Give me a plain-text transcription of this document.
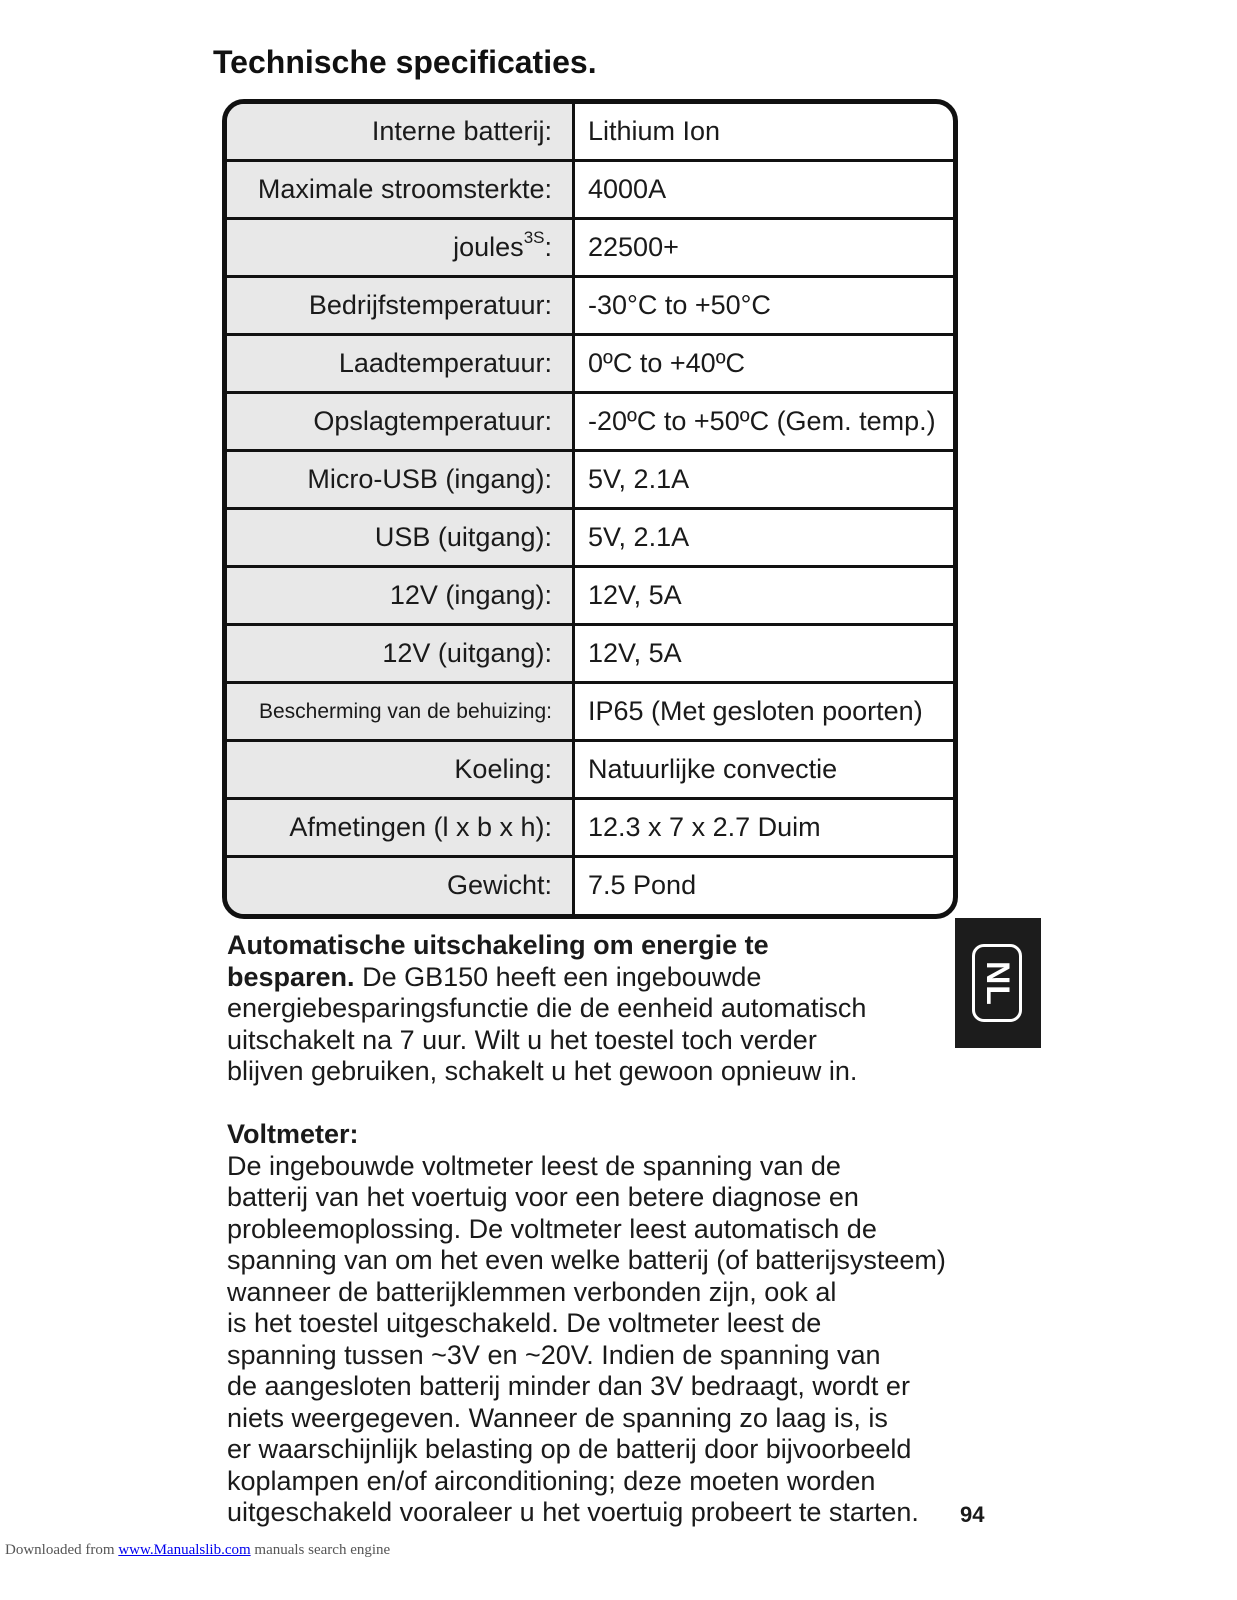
Technische specificaties.
Interne batterij:	Lithium Ion
Maximale stroomsterkte:	4000A
joules$^{3S}$:	22500+
Bedrijfstemperatuur:	-30°C to +50°C
Laadtemperatuur:	0ºC to +40ºC
Opslagtemperatuur:	-20ºC to +50ºC (Gem. temp.)
Micro-USB (ingang):	5V, 2.1A
USB (uitgang):	5V, 2.1A
12V (ingang):	12V, 5A
12V (uitgang):	12V, 5A
Bescherming van de behuizing:	IP65 (Met gesloten poorten)
Koeling:	Natuurlijke convectie
Afmetingen (l x b x h):	12.3 x 7 x 2.7 Duim
Gewicht:	7.5 Pond
NL
Automatische uitschakeling om energie te
besparen. De GB150 heeft een ingebouwde
energiebesparingsfunctie die de eenheid automatisch
uitschakelt na 7 uur. Wilt u het toestel toch verder
blijven gebruiken, schakelt u het gewoon opnieuw in.
Voltmeter:
De ingebouwde voltmeter leest de spanning van de
batterij van het voertuig voor een betere diagnose en
probleemoplossing. De voltmeter leest automatisch de
spanning van om het even welke batterij (of batterijsysteem)
wanneer de batterijklemmen verbonden zijn, ook al
is het toestel uitgeschakeld. De voltmeter leest de
spanning tussen ~3V en ~20V. Indien de spanning van
de aangesloten batterij minder dan 3V bedraagt, wordt er
niets weergegeven. Wanneer de spanning zo laag is, is
er waarschijnlijk belasting op de batterij door bijvoorbeeld
koplampen en/of airconditioning; deze moeten worden
uitgeschakeld vooraleer u het voertuig probeert te starten.	94
Downloaded from www.Manualslib.com manuals search engine
